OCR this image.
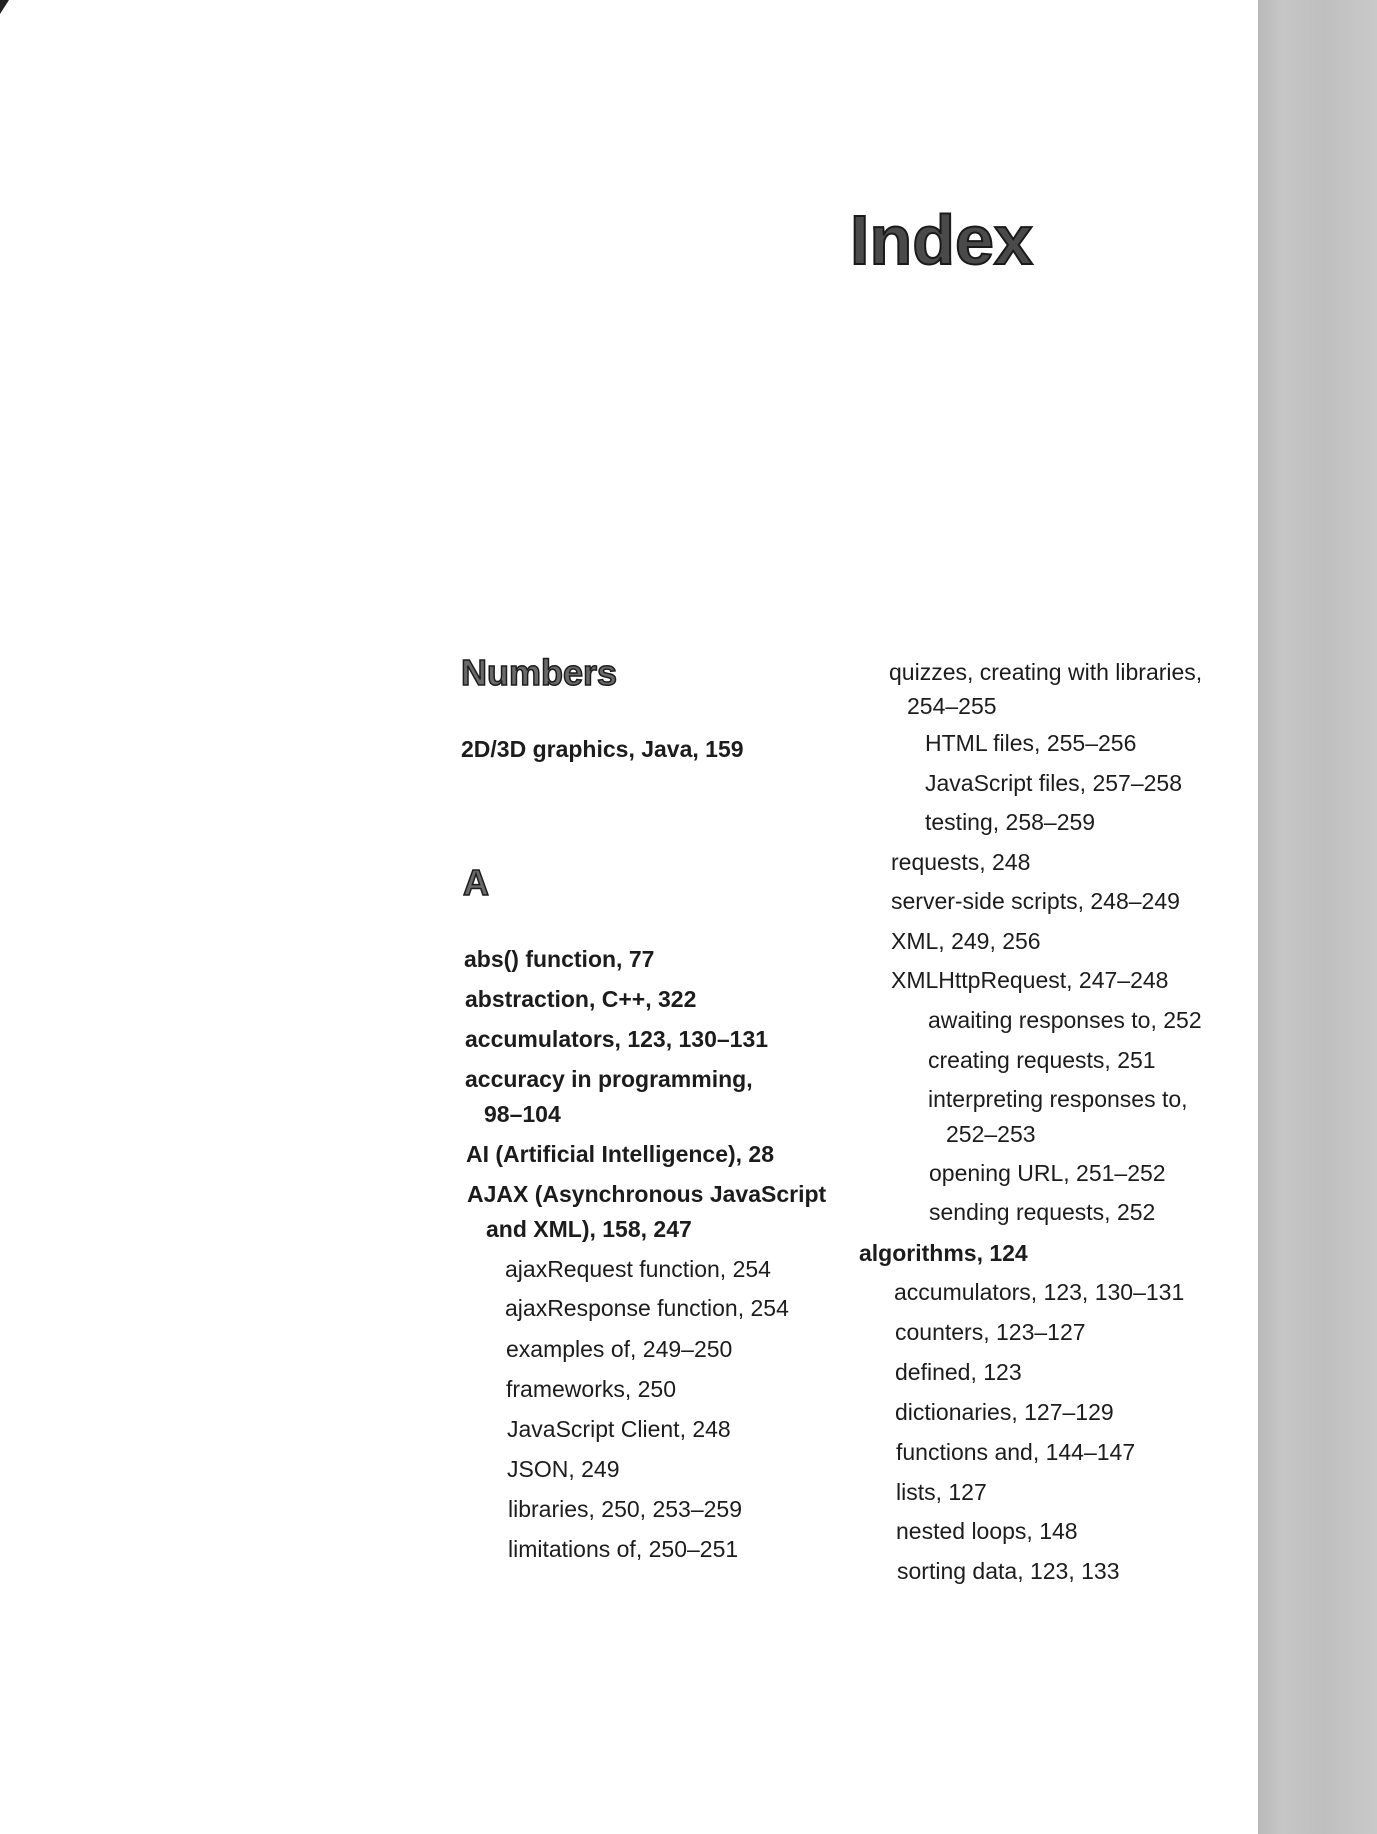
Index
Numbers
2D/3D graphics, Java, 159
A
abs() function, 77
abstraction, C++, 322
accumulators, 123, 130–131
accuracy in programming,
98–104
AI (Artificial Intelligence), 28
AJAX (Asynchronous JavaScript
and XML), 158, 247
ajaxRequest function, 254
ajaxResponse function, 254
examples of, 249–250
frameworks, 250
JavaScript Client, 248
JSON, 249
libraries, 250, 253–259
limitations of, 250–251
quizzes, creating with libraries,
254–255
HTML files, 255–256
JavaScript files, 257–258
testing, 258–259
requests, 248
server-side scripts, 248–249
XML, 249, 256
XMLHttpRequest, 247–248
awaiting responses to, 252
creating requests, 251
interpreting responses to,
252–253
opening URL, 251–252
sending requests, 252
algorithms, 124
accumulators, 123, 130–131
counters, 123–127
defined, 123
dictionaries, 127–129
functions and, 144–147
lists, 127
nested loops, 148
sorting data, 123, 133
